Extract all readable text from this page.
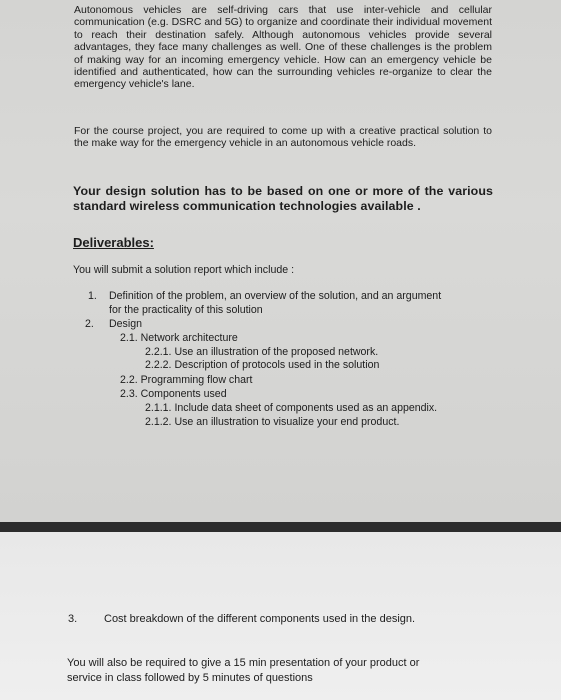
Autonomous vehicles are self-driving cars that use inter-vehicle and cellular communication (e.g. DSRC and 5G) to organize and coordinate their individual movement to reach their destination safely. Although autonomous vehicles provide several advantages, they face many challenges as well. One of these challenges is the problem of making way for an incoming emergency vehicle. How can an emergency vehicle be identified and authenticated, how can the surrounding vehicles re-organize to clear the emergency vehicle's lane.

For the course project, you are required to come up with a creative practical solution to the make way for the emergency vehicle in an autonomous vehicle roads.

Your design solution has to be based on one or more of the various standard wireless communication technologies available .

Deliverables:

You will submit a solution report which include :

1. Definition of the problem, an overview of the solution, and an argument

for the practicality of this solution

2. Design

2.1. Network architecture

2.2.1. Use an illustration of the proposed network.

2.2.2. Description of protocols used in the solution

2.2. Programming flow chart

2.3. Components used

2.1.1. Include data sheet of components used as an appendix.

2.1.2. Use an illustration to visualize your end product.

3. Cost breakdown of the different components used in the design.

You will also be required to give a 15 min presentation of your product or

service in class followed by 5 minutes of questions
